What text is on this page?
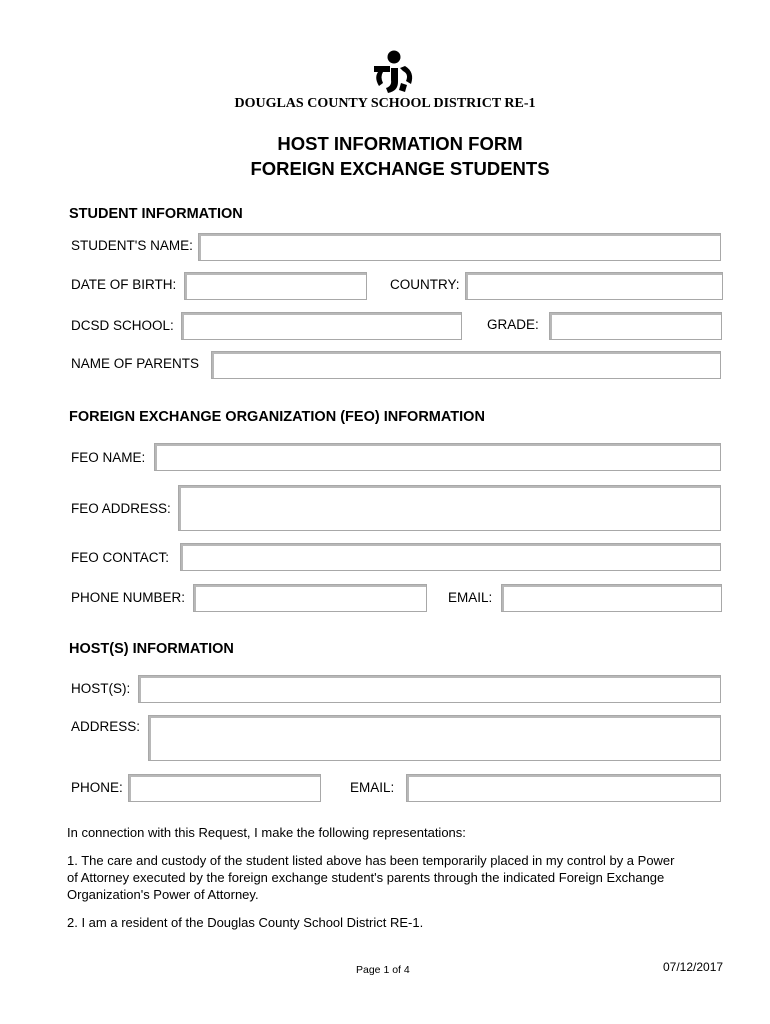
DOUGLAS COUNTY SCHOOL DISTRICT RE-1
HOST INFORMATION FORM
FOREIGN EXCHANGE STUDENTS
STUDENT INFORMATION
STUDENT'S NAME:
DATE OF BIRTH:	COUNTRY:
DCSD SCHOOL:	GRADE:
NAME OF PARENTS
FOREIGN EXCHANGE ORGANIZATION (FEO) INFORMATION
FEO NAME:
FEO ADDRESS:
FEO CONTACT:
PHONE NUMBER:	EMAIL:
HOST(S) INFORMATION
HOST(S):
ADDRESS:
PHONE:	EMAIL:
In connection with this Request, I make the following representations:
1. The care and custody of the student listed above has been temporarily placed in my control by a Power
of Attorney executed by the foreign exchange student's parents through the indicated Foreign Exchange
Organization's Power of Attorney.
2. I am a resident of the Douglas County School District RE-1.
Page 1 of 4	07/12/2017
